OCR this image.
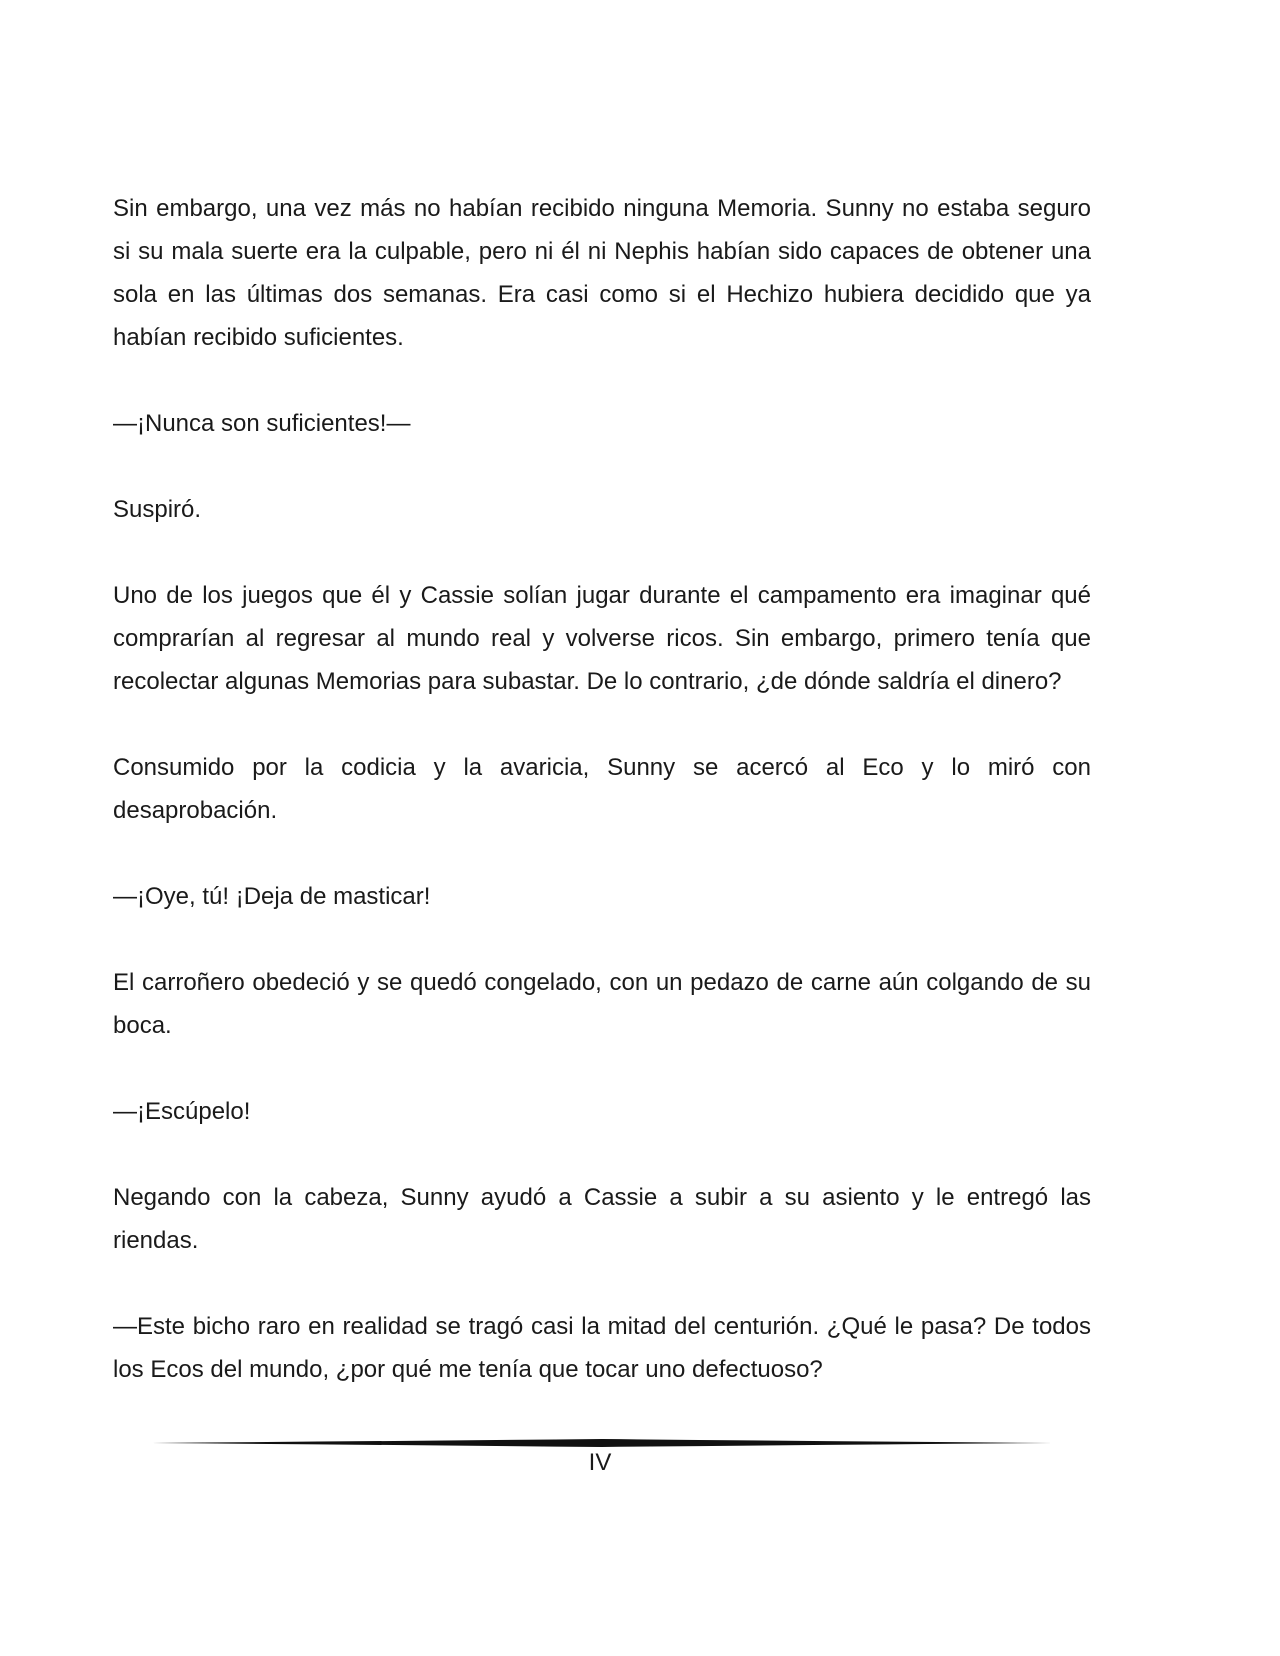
Sin embargo, una vez más no habían recibido ninguna Memoria. Sunny no estaba seguro si su mala suerte era la culpable, pero ni él ni Nephis habían sido capaces de obtener una sola en las últimas dos semanas. Era casi como si el Hechizo hubiera decidido que ya habían recibido suficientes.

—¡Nunca son suficientes!—

Suspiró.

Uno de los juegos que él y Cassie solían jugar durante el campamento era imaginar qué comprarían al regresar al mundo real y volverse ricos. Sin embargo, primero tenía que recolectar algunas Memorias para subastar. De lo contrario, ¿de dónde saldría el dinero?

Consumido por la codicia y la avaricia, Sunny se acercó al Eco y lo miró con desaprobación.

—¡Oye, tú! ¡Deja de masticar!

El carroñero obedeció y se quedó congelado, con un pedazo de carne aún colgando de su boca.

—¡Escúpelo!

Negando con la cabeza, Sunny ayudó a Cassie a subir a su asiento y le entregó las riendas.

—Este bicho raro en realidad se tragó casi la mitad del centurión. ¿Qué le pasa? De todos los Ecos del mundo, ¿por qué me tenía que tocar uno defectuoso?

IV
